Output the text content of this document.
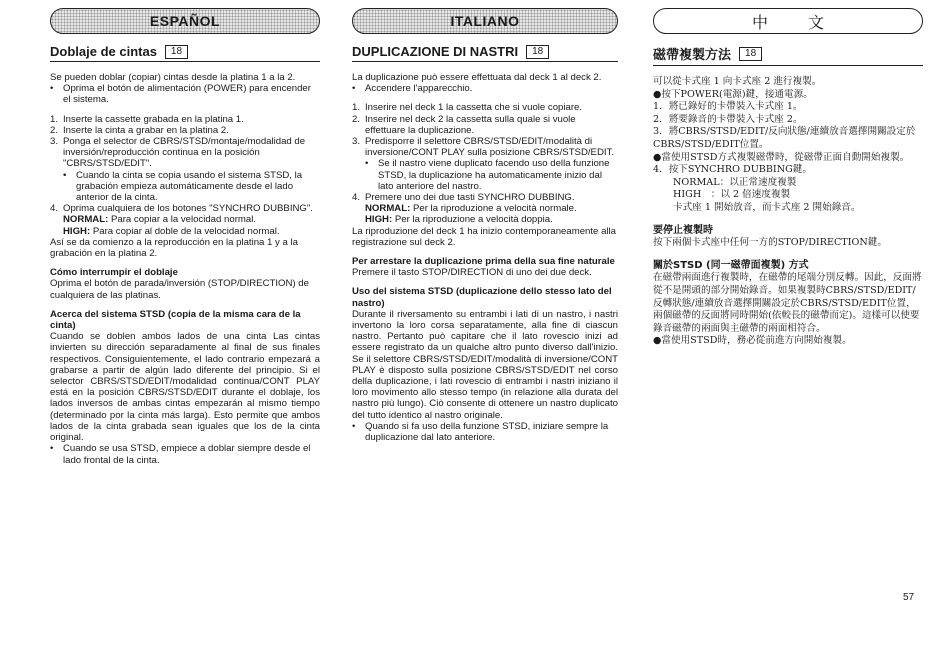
ESPAÑOL
Doblaje de cintas	18

Se pueden doblar (copiar) cintas desde la platina 1 a la 2.

•	Oprima el botón de alimentación (POWER) para encender el sistema.
1. Inserte la cassette grabada en la platina 1.
2. Inserte la cinta a grabar en la platina 2.
3. Ponga el selector de CBRS/STSD/montaje/modalidad de inversión/reproducción continua en la posición "CBRS/STSD/EDIT".
•	Cuando la cinta se copia usando el sistema STSD, la grabación empieza automáticamente desde el lado anterior de la cinta.
4. Oprima cualquiera de los botones "SYNCHRO DUBBING".

NORMAL: Para copiar a la velocidad normal.

HIGH: Para copiar al doble de la velocidad normal.

Así se da comienzo a la reproducción en la platina 1 y a la grabación en la platina 2.

Cómo interrumpir el doblaje

Oprima el botón de parada/inversión (STOP/DIRECTION) de cualquiera de las platinas.

Acerca del sistema STSD (copia de la misma cara de la cinta)

Cuando se doblen ambos lados de una cinta Las cintas invierten su dirección separadamente al final de sus finales respectivos. Consiguientemente, el lado contrario empezará a grabarse a partir de algún lado diferente del principio. Si el selector CBRS/STSD/EDIT/modalidad continua/CONT PLAY está en la posición CBRS/STSD/EDIT durante el doblaje, los lados inversos de ambas cintas empezarán al mismo tiempo (determinado por la cinta más larga). Esto permite que ambos lados de la cinta grabada sean iguales que los de la cinta original.

•	Cuando se usa STSD, empiece a doblar siempre desde el lado frontal de la cinta.
ITALIANO
DUPLICAZIONE DI NASTRI	18

La duplicazione può essere effettuata dal deck 1 al deck 2.

•	Accendere l'apparecchio.
1. Inserire nel deck 1 la cassetta che si vuole copiare.
2. Inserire nel deck 2 la cassetta sulla quale si vuole effettuare la duplicazione.
3. Predisporre il selettore CBRS/STSD/EDIT/modalità di inversione/CONT PLAY sulla posizione CBRS/STSD/EDIT.
•	Se il nastro viene duplicato facendo uso della funzione STSD, la duplicazione ha automaticamente inizio dal lato anteriore del nastro.
4. Premere uno dei due tasti SYNCHRO DUBBING.

NORMAL: Per la riproduzione a velocità normale.

HIGH: Per la riproduzione a velocità doppia.

La riproduzione del deck 1 ha inizio contemporaneamente alla registrazione sul deck 2.

Per arrestare la duplicazione prima della sua fine naturale

Premere il tasto STOP/DIRECTION di uno dei due deck.

Uso del sistema STSD (duplicazione dello stesso lato del nastro)

Durante il riversamento su entrambi i lati di un nastro, i nastri invertono la loro corsa separatamente, alla fine di ciascun nastro. Pertanto può capitare che il lato rovescio inizi ad essere registrato da un qualche altro punto diverso dall'inizio. Se il selettore CBRS/STSD/EDIT/modalità di inversione/CONT PLAY è disposto sulla posizione CBRS/STSD/EDIT nel corso della duplicazione, i lati rovescio di entrambi i nastri iniziano il loro movimento allo stesso tempo (in relazione alla durata del nastro più lungo). Ciò consente di ottenere un nastro duplicato del tutto identico al nastro originale.

•	Quando si fa uso della funzione STSD, iniziare sempre la duplicazione dal lato anteriore.
中文
磁帶複製方法	18

可以從卡式座 1 向卡式座 2 進行複製。

●按下POWER(電源)鍵，接通電源。

1．將已錄好的卡帶裝入卡式座 1。

2．將要錄音的卡帶裝入卡式座 2。

3．將CBRS/STSD/EDIT/反向狀態/連續放音選擇開關設定於CBRS/STSD/EDIT位置。

●當使用STSD方式複製磁帶時，從磁帶正面自動開始複製。

4．按下SYNCHRO DUBBING鍵。

NORMAL：以正常速度複製

HIGH　：以 2 倍速度複製

卡式座 1 開始放音，而卡式座 2 開始錄音。

要停止複製時

按下兩個卡式座中任何一方的STOP/DIRECTION鍵。

關於STSD (同一磁帶面複製) 方式

在磁帶兩面進行複製時，在磁帶的尾端分別反轉。因此，反面將從不是開頭的部分開始錄音。如果複製時CBRS/STSD/EDIT/反轉狀態/連續放音選擇開關設定於CBRS/STSD/EDIT位置，兩個磁帶的反面將同時開始(依較長的磁帶而定)。這樣可以使要錄音磁帶的兩面與主磁帶的兩面相符合。

●當使用STSD時，務必從前進方向開始複製。

57
